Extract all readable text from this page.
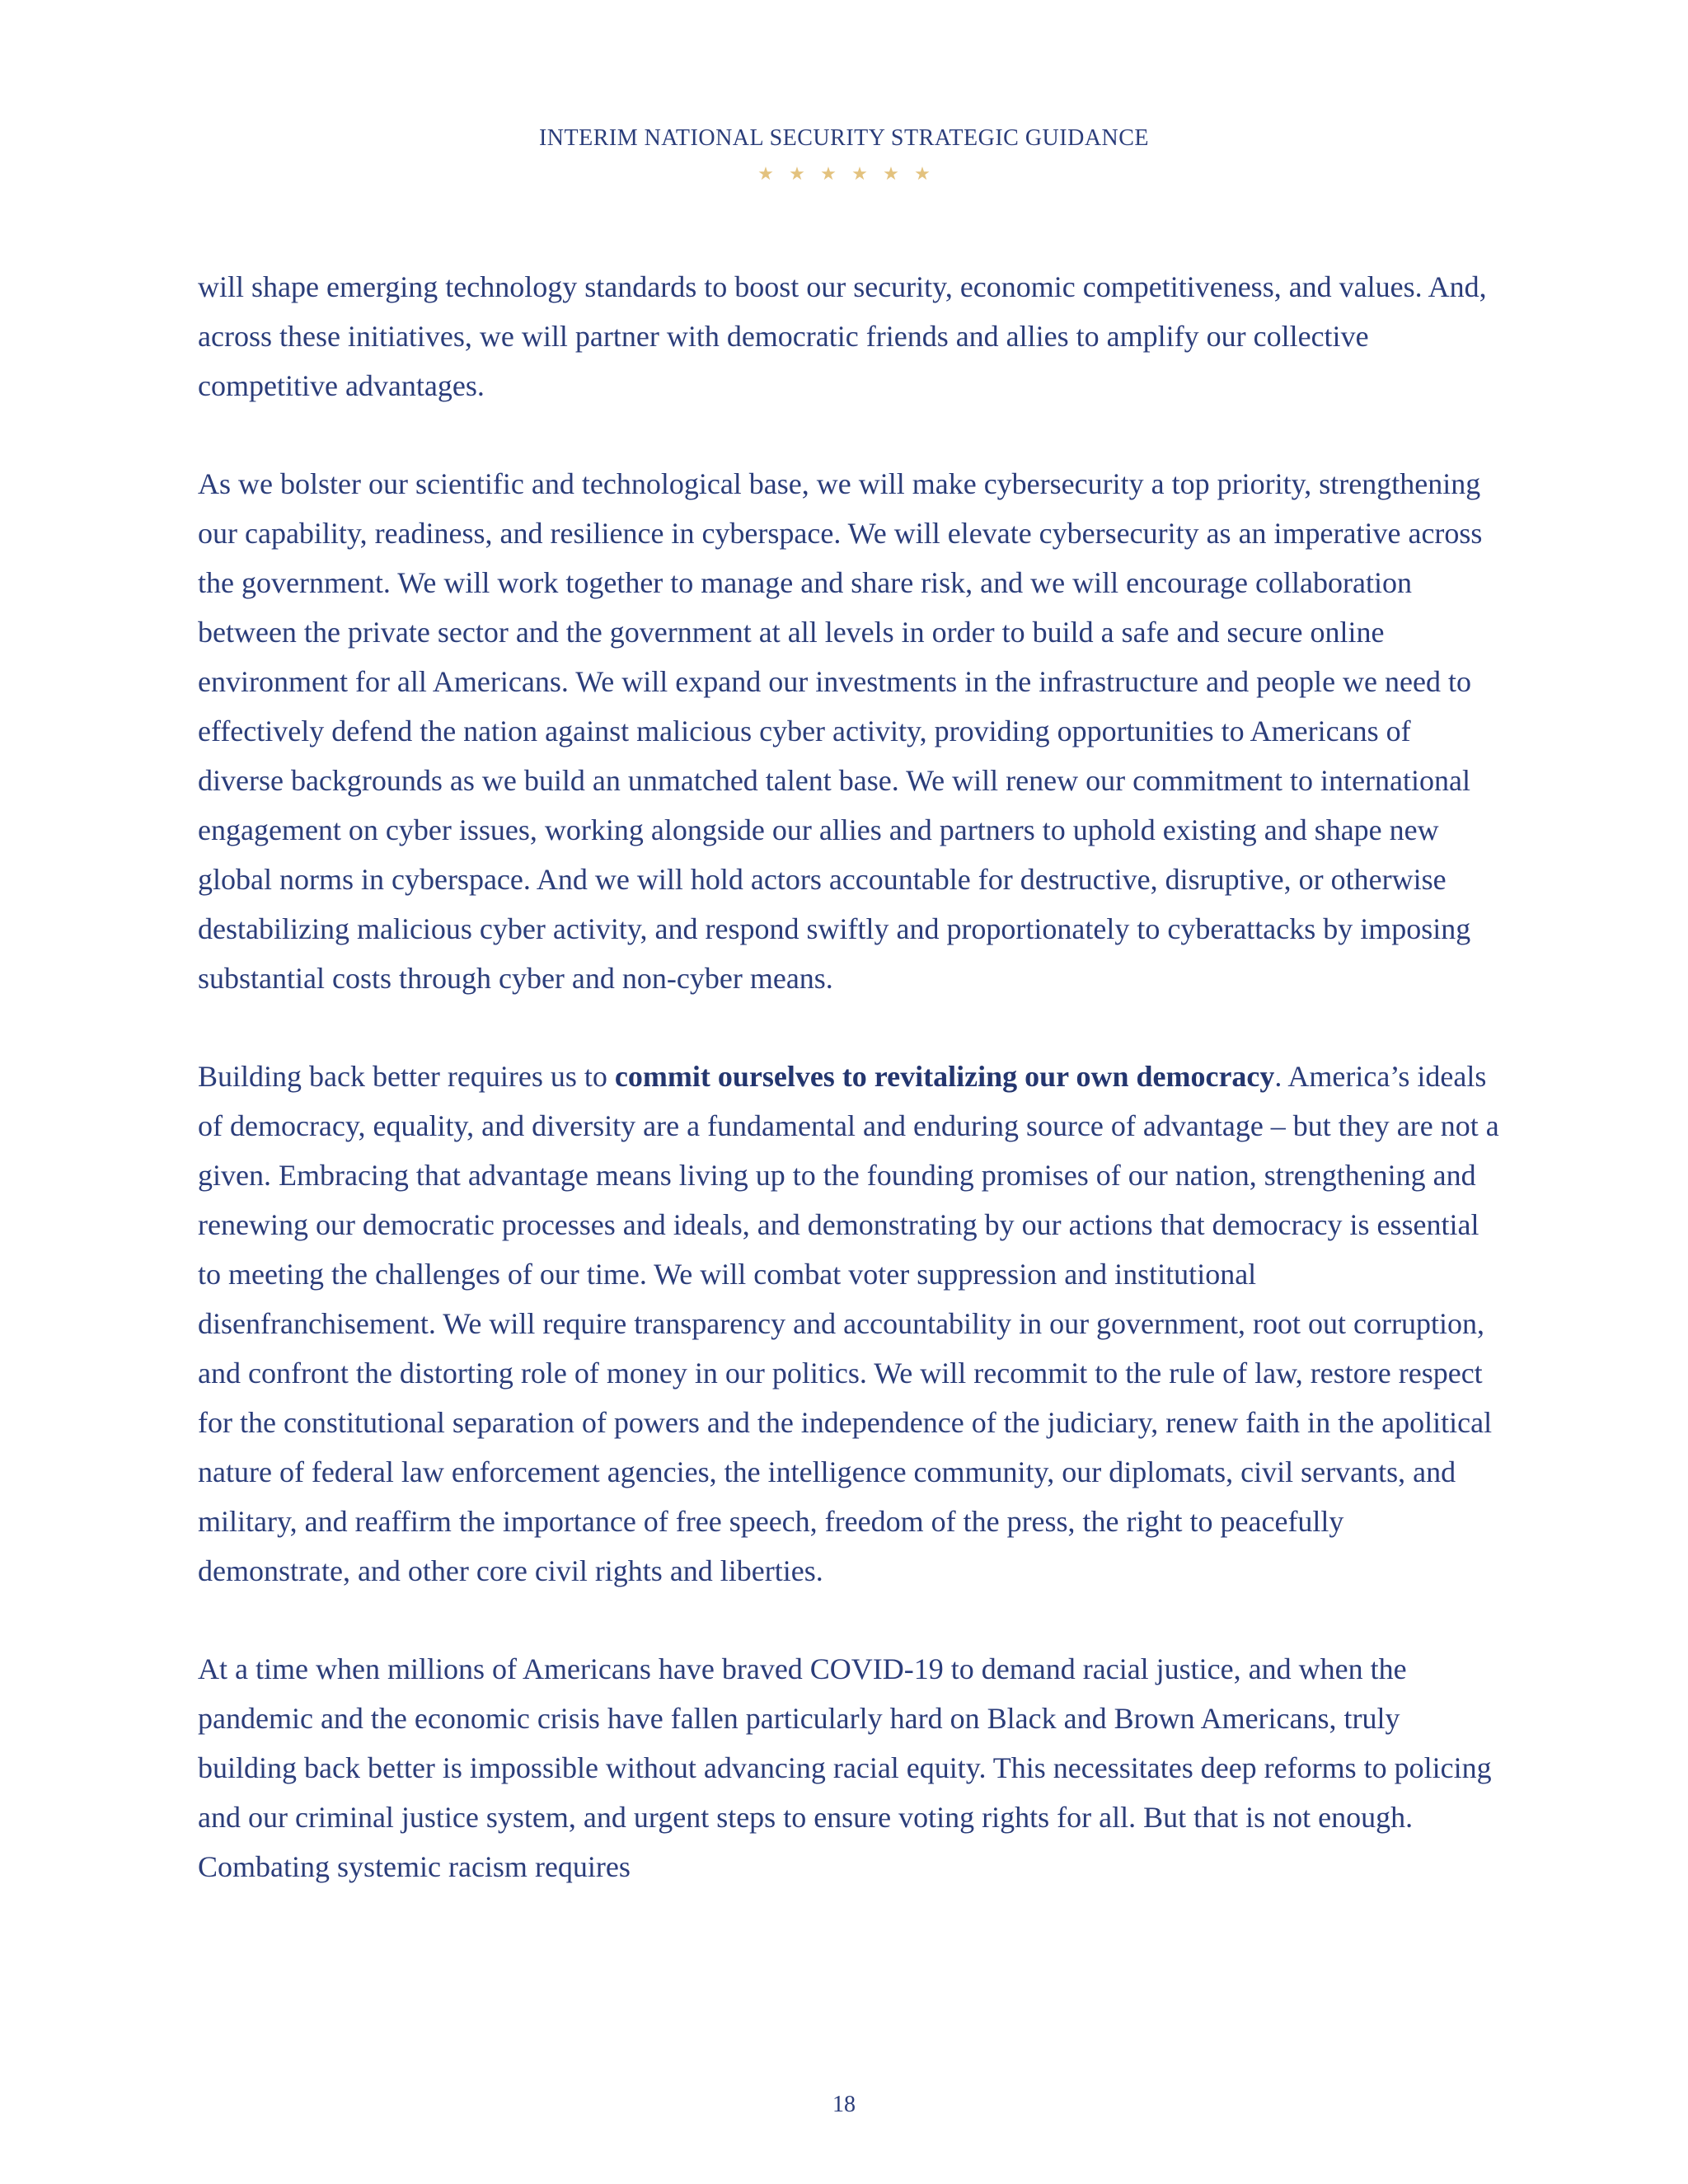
INTERIM NATIONAL SECURITY STRATEGIC GUIDANCE
★ ★ ★ ★ ★ ★

will shape emerging technology standards to boost our security, economic competitiveness, and values. And, across these initiatives, we will partner with democratic friends and allies to amplify our collective competitive advantages.

As we bolster our scientific and technological base, we will make cybersecurity a top priority, strengthening our capability, readiness, and resilience in cyberspace. We will elevate cybersecurity as an imperative across the government. We will work together to manage and share risk, and we will encourage collaboration between the private sector and the government at all levels in order to build a safe and secure online environment for all Americans. We will expand our investments in the infrastructure and people we need to effectively defend the nation against malicious cyber activity, providing opportunities to Americans of diverse backgrounds as we build an unmatched talent base. We will renew our commitment to international engagement on cyber issues, working alongside our allies and partners to uphold existing and shape new global norms in cyberspace. And we will hold actors accountable for destructive, disruptive, or otherwise destabilizing malicious cyber activity, and respond swiftly and proportionately to cyberattacks by imposing substantial costs through cyber and non-cyber means.

Building back better requires us to commit ourselves to revitalizing our own democracy. America’s ideals of democracy, equality, and diversity are a fundamental and enduring source of advantage – but they are not a given. Embracing that advantage means living up to the founding promises of our nation, strengthening and renewing our democratic processes and ideals, and demonstrating by our actions that democracy is essential to meeting the challenges of our time. We will combat voter suppression and institutional disenfranchisement. We will require transparency and accountability in our government, root out corruption, and confront the distorting role of money in our politics. We will recommit to the rule of law, restore respect for the constitutional separation of powers and the independence of the judiciary, renew faith in the apolitical nature of federal law enforcement agencies, the intelligence community, our diplomats, civil servants, and military, and reaffirm the importance of free speech, freedom of the press, the right to peacefully demonstrate, and other core civil rights and liberties.

At a time when millions of Americans have braved COVID-19 to demand racial justice, and when the pandemic and the economic crisis have fallen particularly hard on Black and Brown Americans, truly building back better is impossible without advancing racial equity. This necessitates deep reforms to policing and our criminal justice system, and urgent steps to ensure voting rights for all. But that is not enough. Combating systemic racism requires

18
